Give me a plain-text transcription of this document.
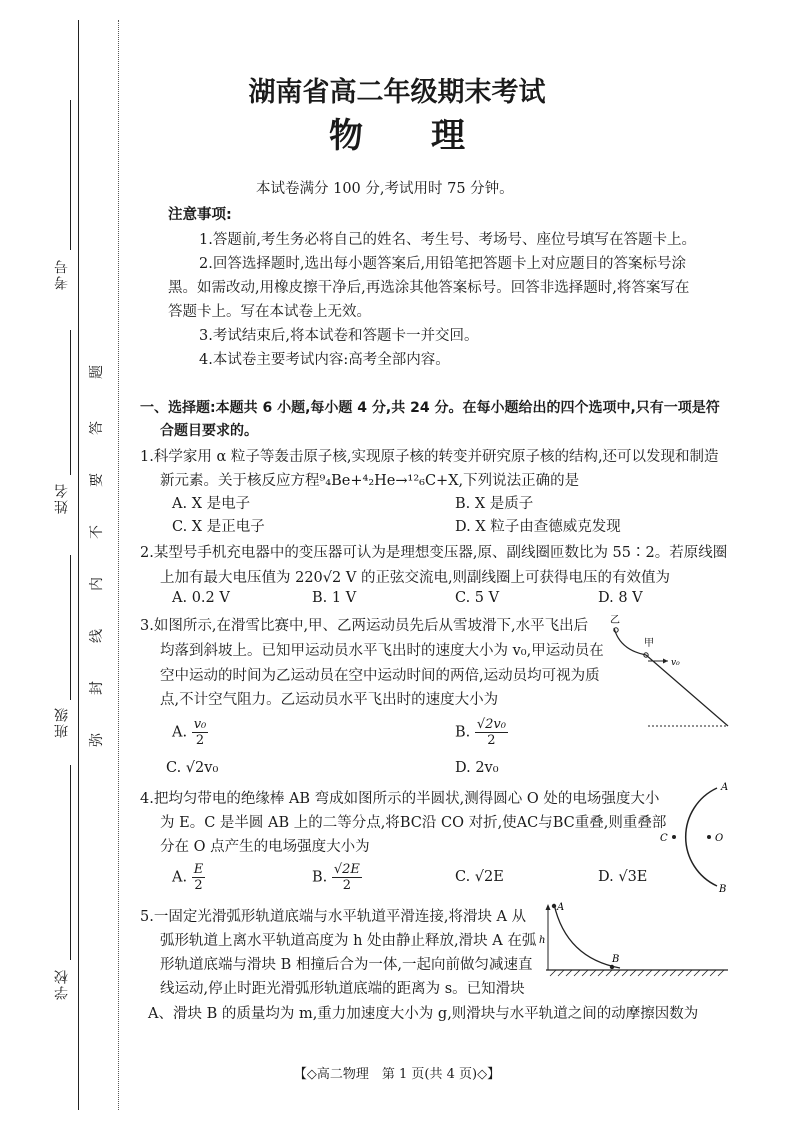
考号
姓名
班级
学校
题
答
要
不
内
线
封
弥
湖南省高二年级期末考试
物　　理
本试卷满分 100 分,考试用时 75 分钟。
注意事项:
1.答题前,考生务必将自己的姓名、考生号、考场号、座位号填写在答题卡上。
2.回答选择题时,选出每小题答案后,用铅笔把答题卡上对应题目的答案标号涂
黑。如需改动,用橡皮擦干净后,再选涂其他答案标号。回答非选择题时,将答案写在
答题卡上。写在本试卷上无效。
3.考试结束后,将本试卷和答题卡一并交回。
4.本试卷主要考试内容:高考全部内容。
一、选择题:本题共 6 小题,每小题 4 分,共 24 分。在每小题给出的四个选项中,只有一项是符
合题目要求的。
1.科学家用 α 粒子等轰击原子核,实现原子核的转变并研究原子核的结构,还可以发现和制造
新元素。关于核反应方程⁹₄Be+⁴₂He→¹²₆C+X,下列说法正确的是
A. X 是电子	B. X 是质子
C. X 是正电子	D. X 粒子由查德威克发现
2.某型号手机充电器中的变压器可认为是理想变压器,原、副线圈匝数比为 55∶2。若原线圈
上加有最大电压值为 220√2 V 的正弦交流电,则副线圈上可获得电压的有效值为
A. 0.2 V	B. 1 V	C. 5 V	D. 8 V
3.如图所示,在滑雪比赛中,甲、乙两运动员先后从雪坡滑下,水平飞出后
均落到斜坡上。已知甲运动员水平飞出时的速度大小为 v₀,甲运动员在
空中运动的时间为乙运动员在空中运动时间的两倍,运动员均可视为质
点,不计空气阻力。乙运动员水平飞出时的速度大小为
A. $\frac{\text{v₀}}{2}$	B. $\frac{\text{√2v₀}}{2}$
C. √2v₀	D. 2v₀
乙
甲
v₀
4.把均匀带电的绝缘棒 AB 弯成如图所示的半圆状,测得圆心 O 处的电场强度大小
为 E。C 是半圆 AB 上的二等分点,将BC沿 CO 对折,使AC与BC重叠,则重叠部
分在 O 点产生的电场强度大小为
A. $\frac{E}{2}$	B. $\frac{√2E}{2}$	C. √2E	D. √3E
A
B
C	O
5.一固定光滑弧形轨道底端与水平轨道平滑连接,将滑块 A 从
弧形轨道上离水平轨道高度为 h 处由静止释放,滑块 A 在弧
形轨道底端与滑块 B 相撞后合为一体,一起向前做匀减速直
线运动,停止时距光滑弧形轨道底端的距离为 s。已知滑块
A、滑块 B 的质量均为 m,重力加速度大小为 g,则滑块与水平轨道之间的动摩擦因数为
A
B
h
【◇高二物理　第 1 页(共 4 页)◇】
